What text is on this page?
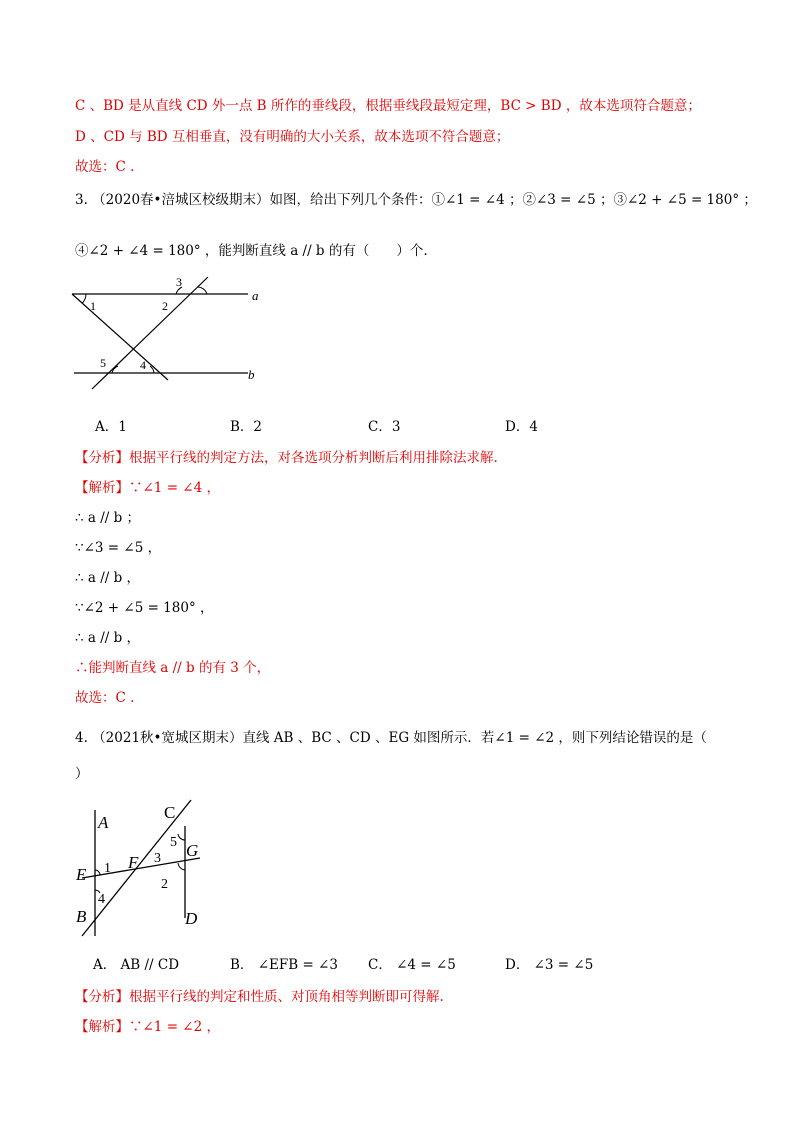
C 、BD 是从直线 CD 外一点 B 所作的垂线段，根据垂线段最短定理，BC > BD ，故本选项符合题意；
D 、CD 与 BD 互相垂直，没有明确的大小关系，故本选项不符合题意；
故选：C .
3. （2020春•涪城区校级期末）如图，给出下列几个条件：①∠1 = ∠4 ；②∠3 = ∠5 ；③∠2 + ∠5 = 180° ；
④∠2 + ∠4 = 180° ，能判断直线 a // b 的有（　　）个.
1	2
3
4
5
a
b
A．1	B．2	C．3	D．4
【分析】根据平行线的判定方法，对各选项分析判断后利用排除法求解.
【解析】∵∠1 = ∠4 ，
∴ a // b ；
∵∠3 = ∠5 ，
∴ a // b ，
∵∠2 + ∠5 = 180° ，
∴ a // b ，
∴能判断直线 a // b 的有 3 个，
故选：C .
4. （2021秋•宽城区期末）直线 AB 、BC 、CD 、EG 如图所示．若∠1 = ∠2 ，则下列结论错误的是（
）
C
A
5 G
3
F
1
E
2
4
B	D
A． AB // CD	B． ∠EFB = ∠3 C． ∠4 = ∠5	D． ∠3 = ∠5
【分析】根据平行线的判定和性质、对顶角相等判断即可得解.
【解析】∵∠1 = ∠2 ，
